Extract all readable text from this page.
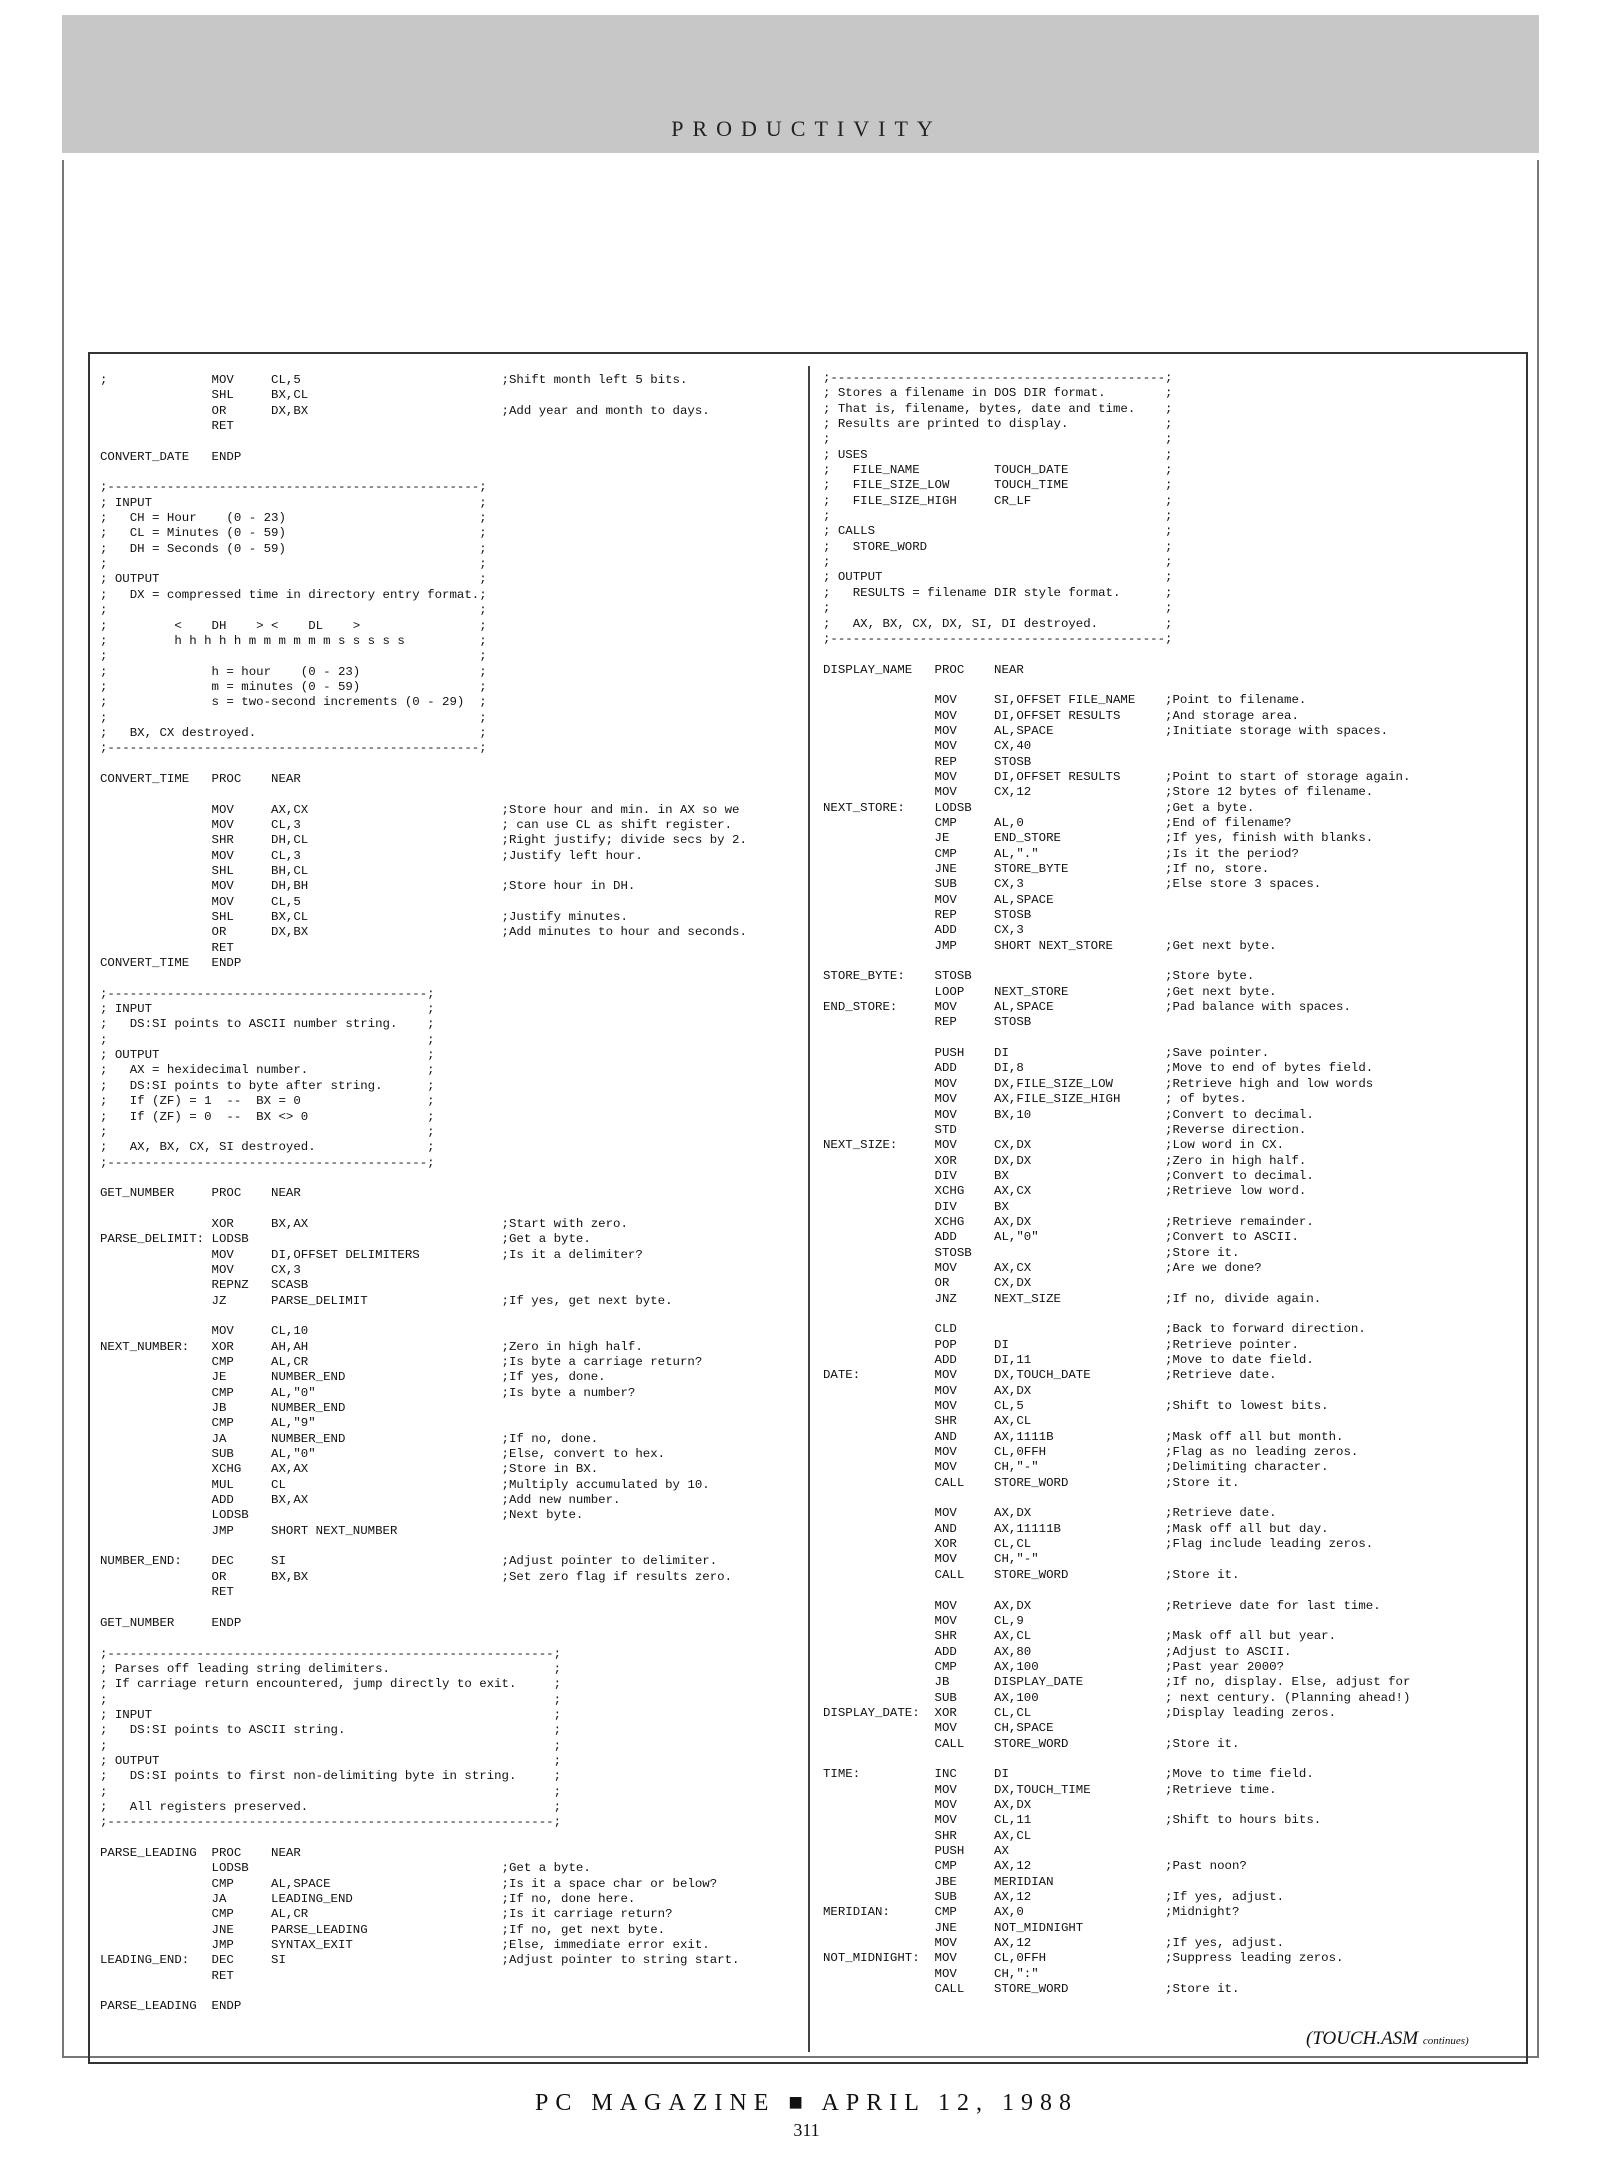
PRODUCTIVITY
;              MOV     CL,5                           ;Shift month left 5 bits.
SHL     BX,CL
OR      DX,BX                          ;Add year and month to days.
RET

CONVERT_DATE   ENDP

;--------------------------------------------------;
; INPUT                                            ;
;   CH = Hour    (0 - 23)                          ;
;   CL = Minutes (0 - 59)                          ;
;   DH = Seconds (0 - 59)                          ;
;                                                  ;
; OUTPUT                                           ;
;   DX = compressed time in directory entry format.;
;                                                  ;
;         <    DH    > <    DL    >                ;
;         h h h h h m m m m m m s s s s s          ;
;                                                  ;
;              h = hour    (0 - 23)                ;
;              m = minutes (0 - 59)                ;
;              s = two-second increments (0 - 29)  ;
;                                                  ;
;   BX, CX destroyed.                              ;
;--------------------------------------------------;

CONVERT_TIME   PROC    NEAR

MOV     AX,CX                          ;Store hour and min. in AX so we
MOV     CL,3                           ; can use CL as shift register.
SHR     DH,CL                          ;Right justify; divide secs by 2.
MOV     CL,3                           ;Justify left hour.
SHL     BH,CL
MOV     DH,BH                          ;Store hour in DH.
MOV     CL,5
SHL     BX,CL                          ;Justify minutes.
OR      DX,BX                          ;Add minutes to hour and seconds.
RET
CONVERT_TIME   ENDP

;-------------------------------------------;
; INPUT                                     ;
;   DS:SI points to ASCII number string.    ;
;                                           ;
; OUTPUT                                    ;
;   AX = hexidecimal number.                ;
;   DS:SI points to byte after string.      ;
;   If (ZF) = 1  --  BX = 0                 ;
;   If (ZF) = 0  --  BX <> 0                ;
;                                           ;
;   AX, BX, CX, SI destroyed.               ;
;-------------------------------------------;

GET_NUMBER     PROC    NEAR

XOR     BX,AX                          ;Start with zero.
PARSE_DELIMIT: LODSB                                  ;Get a byte.
MOV     DI,OFFSET DELIMITERS           ;Is it a delimiter?
MOV     CX,3
REPNZ   SCASB
JZ      PARSE_DELIMIT                  ;If yes, get next byte.

MOV     CL,10
NEXT_NUMBER:   XOR     AH,AH                          ;Zero in high half.
CMP     AL,CR                          ;Is byte a carriage return?
JE      NUMBER_END                     ;If yes, done.
CMP     AL,"0"                         ;Is byte a number?
JB      NUMBER_END
CMP     AL,"9"
JA      NUMBER_END                     ;If no, done.
SUB     AL,"0"                         ;Else, convert to hex.
XCHG    AX,AX                          ;Store in BX.
MUL     CL                             ;Multiply accumulated by 10.
ADD     BX,AX                          ;Add new number.
LODSB                                  ;Next byte.
JMP     SHORT NEXT_NUMBER

NUMBER_END:    DEC     SI                             ;Adjust pointer to delimiter.
OR      BX,BX                          ;Set zero flag if results zero.
RET

GET_NUMBER     ENDP

;------------------------------------------------------------;
; Parses off leading string delimiters.                      ;
; If carriage return encountered, jump directly to exit.     ;
;                                                            ;
; INPUT                                                      ;
;   DS:SI points to ASCII string.                            ;
;                                                            ;
; OUTPUT                                                     ;
;   DS:SI points to first non-delimiting byte in string.     ;
;                                                            ;
;   All registers preserved.                                 ;
;------------------------------------------------------------;

PARSE_LEADING  PROC    NEAR
LODSB                                  ;Get a byte.
CMP     AL,SPACE                       ;Is it a space char or below?
JA      LEADING_END                    ;If no, done here.
CMP     AL,CR                          ;Is it carriage return?
JNE     PARSE_LEADING                  ;If no, get next byte.
JMP     SYNTAX_EXIT                    ;Else, immediate error exit.
LEADING_END:   DEC     SI                             ;Adjust pointer to string start.
RET

PARSE_LEADING  ENDP
;---------------------------------------------;
; Stores a filename in DOS DIR format.        ;
; That is, filename, bytes, date and time.    ;
; Results are printed to display.             ;
;                                             ;
; USES                                        ;
;   FILE_NAME          TOUCH_DATE             ;
;   FILE_SIZE_LOW      TOUCH_TIME             ;
;   FILE_SIZE_HIGH     CR_LF                  ;
;                                             ;
; CALLS                                       ;
;   STORE_WORD                                ;
;                                             ;
; OUTPUT                                      ;
;   RESULTS = filename DIR style format.      ;
;                                             ;
;   AX, BX, CX, DX, SI, DI destroyed.         ;
;---------------------------------------------;

DISPLAY_NAME   PROC    NEAR

MOV     SI,OFFSET FILE_NAME    ;Point to filename.
MOV     DI,OFFSET RESULTS      ;And storage area.
MOV     AL,SPACE               ;Initiate storage with spaces.
MOV     CX,40
REP     STOSB
MOV     DI,OFFSET RESULTS      ;Point to start of storage again.
MOV     CX,12                  ;Store 12 bytes of filename.
NEXT_STORE:    LODSB                          ;Get a byte.
CMP     AL,0                   ;End of filename?
JE      END_STORE              ;If yes, finish with blanks.
CMP     AL,"."                 ;Is it the period?
JNE     STORE_BYTE             ;If no, store.
SUB     CX,3                   ;Else store 3 spaces.
MOV     AL,SPACE
REP     STOSB
ADD     CX,3
JMP     SHORT NEXT_STORE       ;Get next byte.

STORE_BYTE:    STOSB                          ;Store byte.
LOOP    NEXT_STORE             ;Get next byte.
END_STORE:     MOV     AL,SPACE               ;Pad balance with spaces.
REP     STOSB

PUSH    DI                     ;Save pointer.
ADD     DI,8                   ;Move to end of bytes field.
MOV     DX,FILE_SIZE_LOW       ;Retrieve high and low words
MOV     AX,FILE_SIZE_HIGH      ; of bytes.
MOV     BX,10                  ;Convert to decimal.
STD                            ;Reverse direction.
NEXT_SIZE:     MOV     CX,DX                  ;Low word in CX.
XOR     DX,DX                  ;Zero in high half.
DIV     BX                     ;Convert to decimal.
XCHG    AX,CX                  ;Retrieve low word.
DIV     BX
XCHG    AX,DX                  ;Retrieve remainder.
ADD     AL,"0"                 ;Convert to ASCII.
STOSB                          ;Store it.
MOV     AX,CX                  ;Are we done?
OR      CX,DX
JNZ     NEXT_SIZE              ;If no, divide again.

CLD                            ;Back to forward direction.
POP     DI                     ;Retrieve pointer.
ADD     DI,11                  ;Move to date field.
DATE:          MOV     DX,TOUCH_DATE          ;Retrieve date.
MOV     AX,DX
MOV     CL,5                   ;Shift to lowest bits.
SHR     AX,CL
AND     AX,1111B               ;Mask off all but month.
MOV     CL,0FFH                ;Flag as no leading zeros.
MOV     CH,"-"                 ;Delimiting character.
CALL    STORE_WORD             ;Store it.

MOV     AX,DX                  ;Retrieve date.
AND     AX,11111B              ;Mask off all but day.
XOR     CL,CL                  ;Flag include leading zeros.
MOV     CH,"-"
CALL    STORE_WORD             ;Store it.

MOV     AX,DX                  ;Retrieve date for last time.
MOV     CL,9
SHR     AX,CL                  ;Mask off all but year.
ADD     AX,80                  ;Adjust to ASCII.
CMP     AX,100                 ;Past year 2000?
JB      DISPLAY_DATE           ;If no, display. Else, adjust for
SUB     AX,100                 ; next century. (Planning ahead!)
DISPLAY_DATE:  XOR     CL,CL                  ;Display leading zeros.
MOV     CH,SPACE
CALL    STORE_WORD             ;Store it.

TIME:          INC     DI                     ;Move to time field.
MOV     DX,TOUCH_TIME          ;Retrieve time.
MOV     AX,DX
MOV     CL,11                  ;Shift to hours bits.
SHR     AX,CL
PUSH    AX
CMP     AX,12                  ;Past noon?
JBE     MERIDIAN
SUB     AX,12                  ;If yes, adjust.
MERIDIAN:      CMP     AX,0                   ;Midnight?
JNE     NOT_MIDNIGHT
MOV     AX,12                  ;If yes, adjust.
NOT_MIDNIGHT:  MOV     CL,0FFH                ;Suppress leading zeros.
MOV     CH,":"
CALL    STORE_WORD             ;Store it.
(TOUCH.ASM continues)
PC MAGAZINE ■ APRIL 12, 1988
311
